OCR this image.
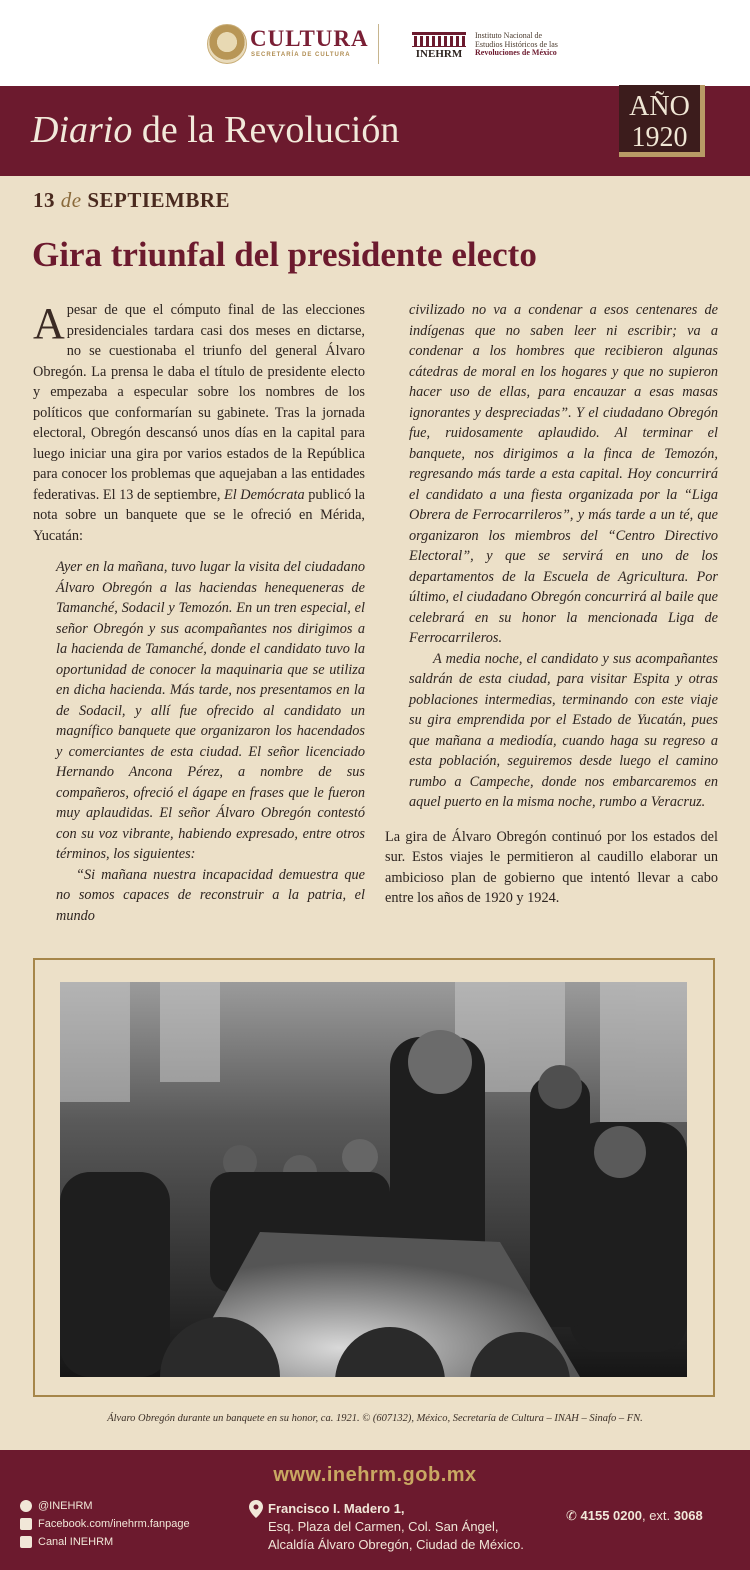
CULTURA
SECRETARÍA DE CULTURA	INEHRM
Instituto Nacional de
Estudios Históricos de las
Revoluciones de México
Diario de la Revolución
AÑO
1920
13 de SEPTIEMBRE
Gira triunfal del presidente electo

Apesar de que el cómputo final de las elecciones presidenciales tardara casi dos meses en dictarse, no se cuestionaba el triunfo del general Álvaro Obregón. La prensa le daba el título de presidente electo y empezaba a especular sobre los nombres de los políticos que conformarían su gabinete. Tras la jornada electoral, Obregón descansó unos días en la capital para luego iniciar una gira por varios estados de la República para conocer los problemas que aquejaban a las entidades federativas. El 13 de septiembre, El Demócrata publicó la nota sobre un banquete que se le ofreció en Mérida, Yucatán:

Ayer en la mañana, tuvo lugar la visita del ciudadano Álvaro Obregón a las haciendas henequeneras de Tamanché, Sodacil y Temozón. En un tren especial, el señor Obregón y sus acompañantes nos dirigimos a la hacienda de Tamanché, donde el candidato tuvo la oportunidad de conocer la maquinaria que se utiliza en dicha hacienda. Más tarde, nos presentamos en la de Sodacil, y allí fue ofrecido al candidato un magnífico banquete que organizaron los hacendados y comerciantes de esta ciudad. El señor licenciado Hernando Ancona Pérez, a nombre de sus compañeros, ofreció el ágape en frases que le fueron muy aplaudidas. El señor Álvaro Obregón contestó con su voz vibrante, habiendo expresado, entre otros términos, los siguientes:

“Si mañana nuestra incapacidad demuestra que no somos capaces de reconstruir a la patria, el mundo

civilizado no va a condenar a esos centenares de indígenas que no saben leer ni escribir; va a condenar a los hombres que recibieron algunas cátedras de moral en los hogares y que no supieron hacer uso de ellas, para encauzar a esas masas ignorantes y despreciadas”. Y el ciudadano Obregón fue, ruidosamente aplaudido. Al terminar el banquete, nos dirigimos a la finca de Temozón, regresando más tarde a esta capital. Hoy concurrirá el candidato a una fiesta organizada por la “Liga Obrera de Ferrocarrileros”, y más tarde a un té, que organizaron los miembros del “Centro Directivo Electoral”, y que se servirá en uno de los departamentos de la Escuela de Agricultura. Por último, el ciudadano Obregón concurrirá al baile que celebrará en su honor la mencionada Liga de Ferrocarrileros.

A media noche, el candidato y sus acompañantes saldrán de esta ciudad, para visitar Espita y otras poblaciones intermedias, terminando con este viaje su gira emprendida por el Estado de Yucatán, pues que mañana a mediodía, cuando haga su regreso a esta población, seguiremos desde luego el camino rumbo a Campeche, donde nos embarcaremos en aquel puerto en la misma noche, rumbo a Veracruz.

La gira de Álvaro Obregón continuó por los estados del sur. Estos viajes le permitieron al caudillo elaborar un ambicioso plan de gobierno que intentó llevar a cabo entre los años de 1920 y 1924.

Álvaro Obregón durante un banquete en su honor, ca. 1921. © (607132), México, Secretaría de Cultura – INAH – Sinafo – FN.
www.inehrm.gob.mx
@INEHRM
Facebook.com/inehrm.fanpage
Canal INEHRM
Francisco I. Madero 1,
Esq. Plaza del Carmen, Col. San Ángel,
Alcaldía Álvaro Obregón, Ciudad de México.
✆ 4155 0200, ext. 3068
